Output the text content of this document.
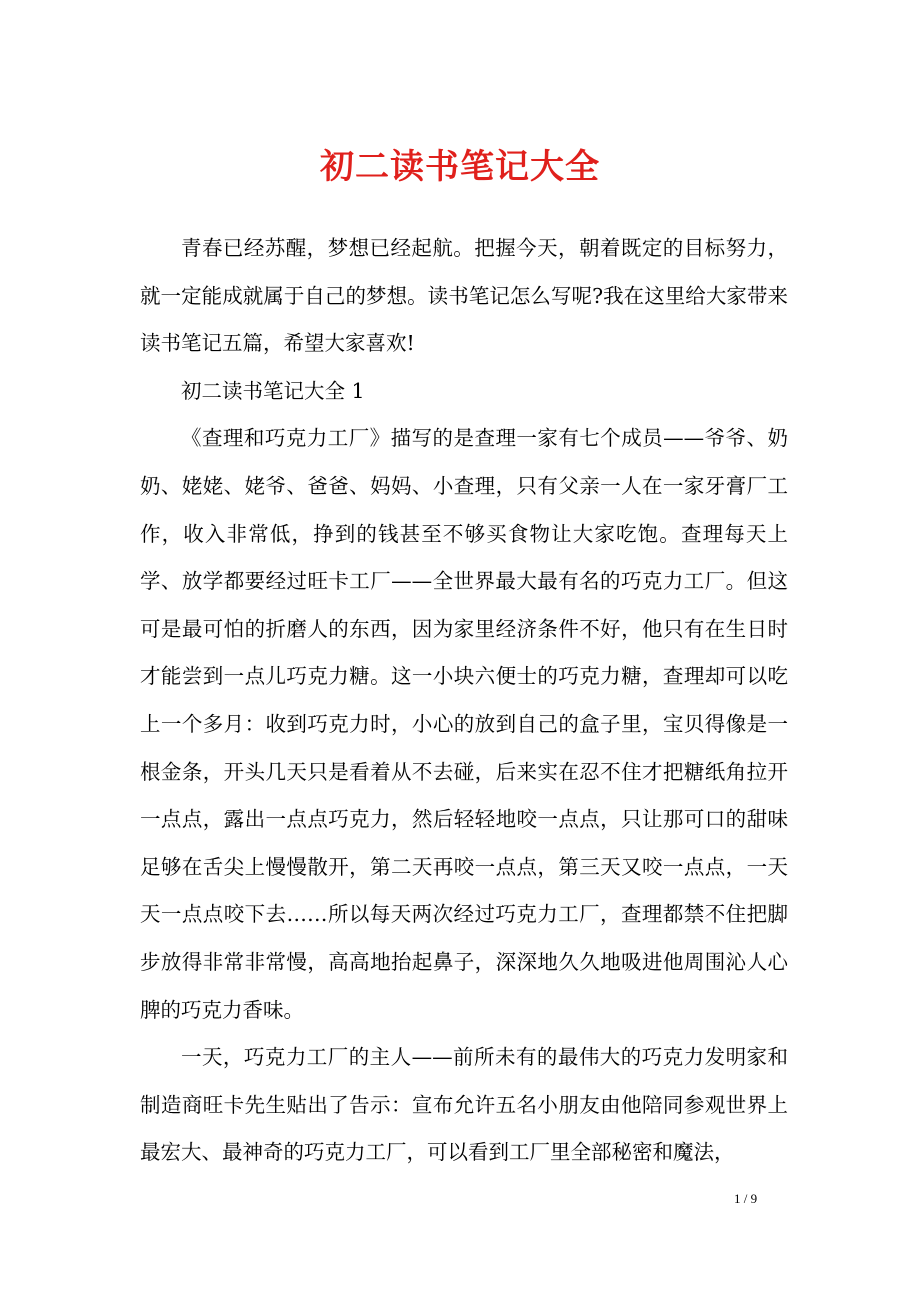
初二读书笔记大全

青春已经苏醒，梦想已经起航。把握今天，朝着既定的目标努力，就一定能成就属于自己的梦想。读书笔记怎么写呢?我在这里给大家带来读书笔记五篇，希望大家喜欢!

初二读书笔记大全 1

《查理和巧克力工厂》描写的是查理一家有七个成员——爷爷、奶奶、姥姥、姥爷、爸爸、妈妈、小查理，只有父亲一人在一家牙膏厂工作，收入非常低，挣到的钱甚至不够买食物让大家吃饱。查理每天上学、放学都要经过旺卡工厂——全世界最大最有名的巧克力工厂。但这可是最可怕的折磨人的东西，因为家里经济条件不好，他只有在生日时才能尝到一点儿巧克力糖。这一小块六便士的巧克力糖，查理却可以吃上一个多月：收到巧克力时，小心的放到自己的盒子里，宝贝得像是一根金条，开头几天只是看着从不去碰，后来实在忍不住才把糖纸角拉开一点点，露出一点点巧克力，然后轻轻地咬一点点，只让那可口的甜味足够在舌尖上慢慢散开，第二天再咬一点点，第三天又咬一点点，一天天一点点咬下去……所以每天两次经过巧克力工厂，查理都禁不住把脚步放得非常非常慢，高高地抬起鼻子，深深地久久地吸进他周围沁人心脾的巧克力香味。

一天，巧克力工厂的主人——前所未有的最伟大的巧克力发明家和制造商旺卡先生贴出了告示：宣布允许五名小朋友由他陪同参观世界上最宏大、最神奇的巧克力工厂，可以看到工厂里全部秘密和魔法，

1 / 9
